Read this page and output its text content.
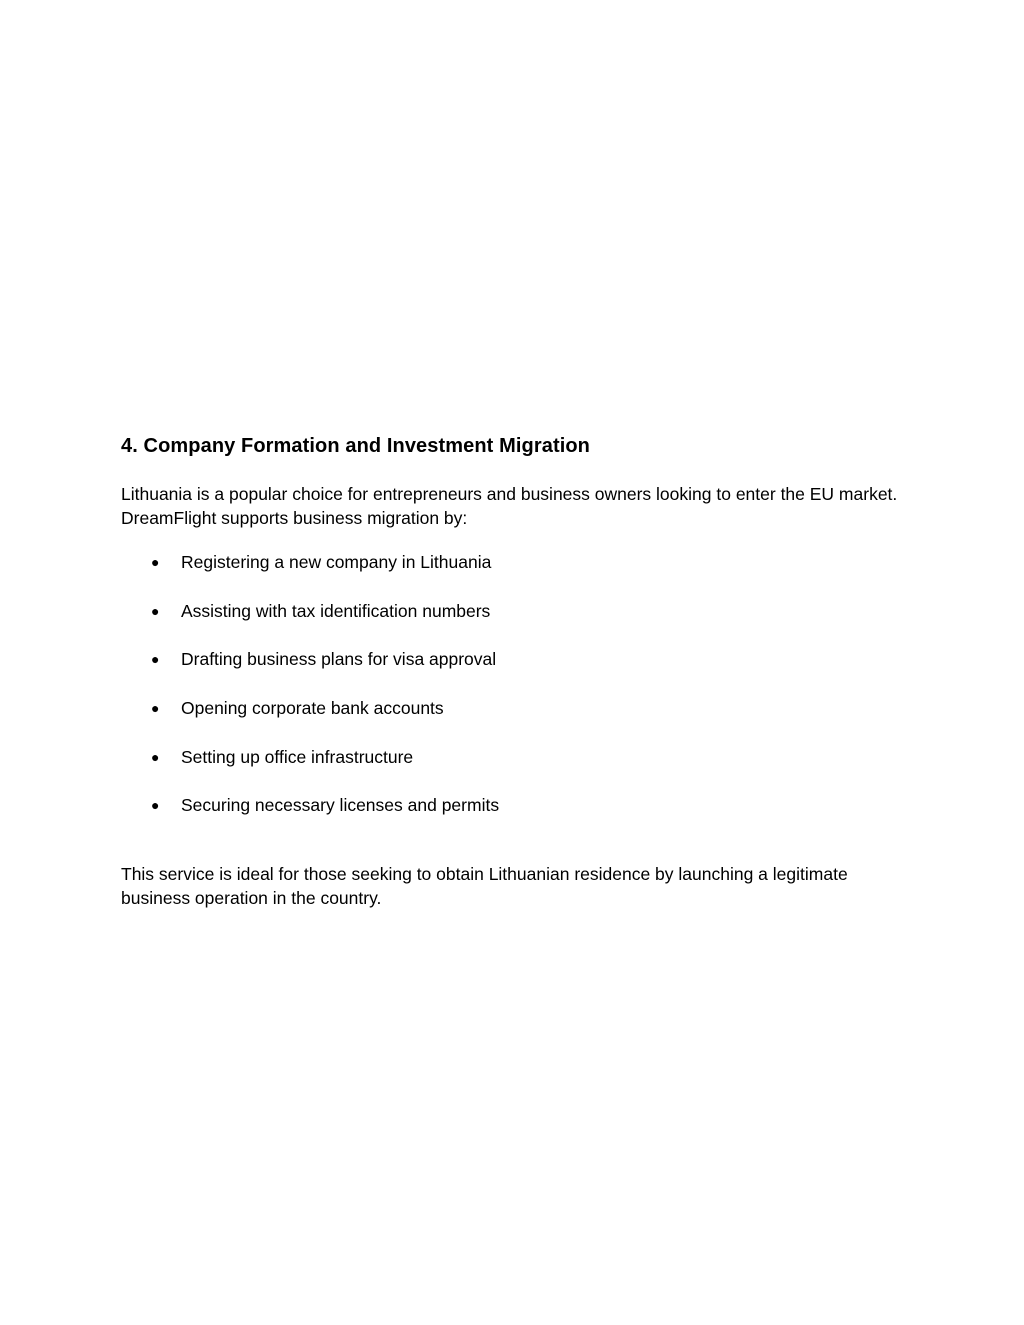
4. Company Formation and Investment Migration

Lithuania is a popular choice for entrepreneurs and business owners looking to enter the EU market. DreamFlight supports business migration by:

● Registering a new company in Lithuania
● Assisting with tax identification numbers
● Drafting business plans for visa approval
● Opening corporate bank accounts
● Setting up office infrastructure
● Securing necessary licenses and permits

This service is ideal for those seeking to obtain Lithuanian residence by launching a legitimate business operation in the country.
